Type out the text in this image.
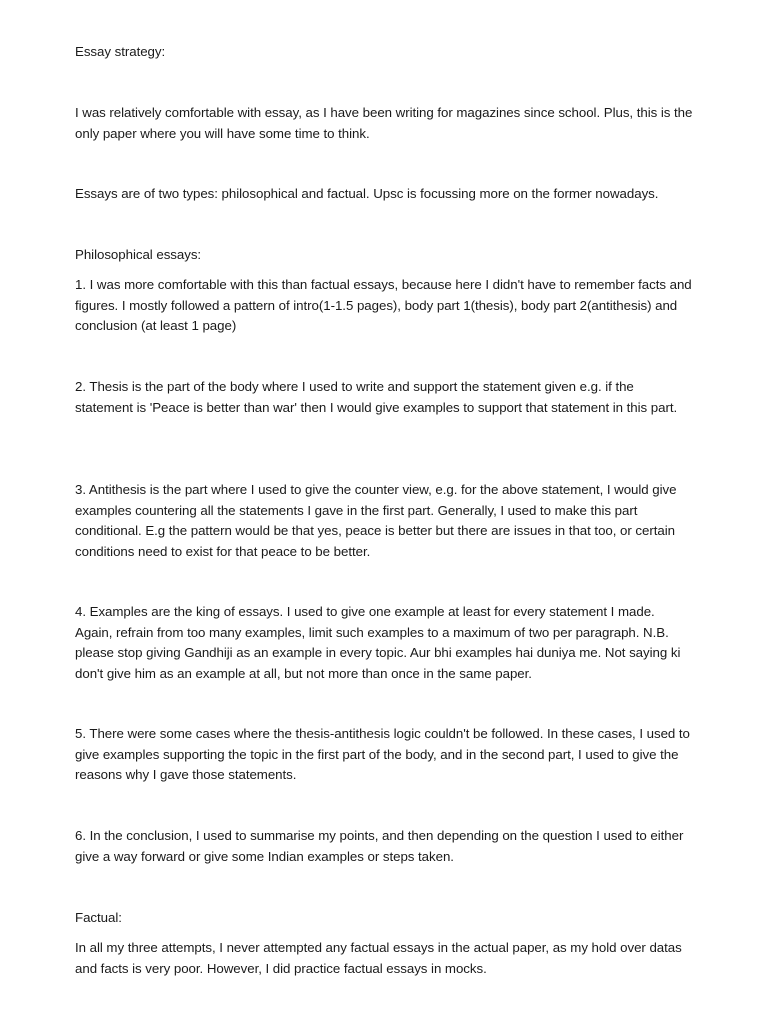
Essay strategy:

I was relatively comfortable with essay, as I have been writing for magazines since school. Plus, this is the only paper where you will have some time to think.

Essays are of two types: philosophical and factual. Upsc is focussing more on the former nowadays.

Philosophical essays:

1. I was more comfortable with this than factual essays, because here I didn't have to remember facts and figures. I mostly followed a pattern of intro(1-1.5 pages), body part 1(thesis), body part 2(antithesis) and conclusion (at least 1 page)

2. Thesis is the part of the body where I used to write and support the statement given e.g. if the statement is 'Peace is better than war' then I would give examples to support that statement in this part.

3. Antithesis is the part where I used to give the counter view, e.g. for the above statement, I would give examples countering all the statements I gave in the first part. Generally, I used to make this part conditional. E.g the pattern would be that yes, peace is better but there are issues in that too, or certain conditions need to exist for that peace to be better.

4. Examples are the king of essays. I used to give one example at least for every statement I made. Again, refrain from too many examples, limit such examples to a maximum of two per paragraph. N.B. please stop giving Gandhiji as an example in every topic. Aur bhi examples hai duniya me. Not saying ki don't give him as an example at all, but not more than once in the same paper.

5. There were some cases where the thesis-antithesis logic couldn't be followed. In these cases, I used to give examples supporting the topic in the first part of the body, and in the second part, I used to give the reasons why I gave those statements.

6. In the conclusion, I used to summarise my points, and then depending on the question I used to either give a way forward or give some Indian examples or steps taken.

Factual:

In all my three attempts, I never attempted any factual essays in the actual paper, as my hold over datas and facts is very poor. However, I did practice factual essays in mocks.
